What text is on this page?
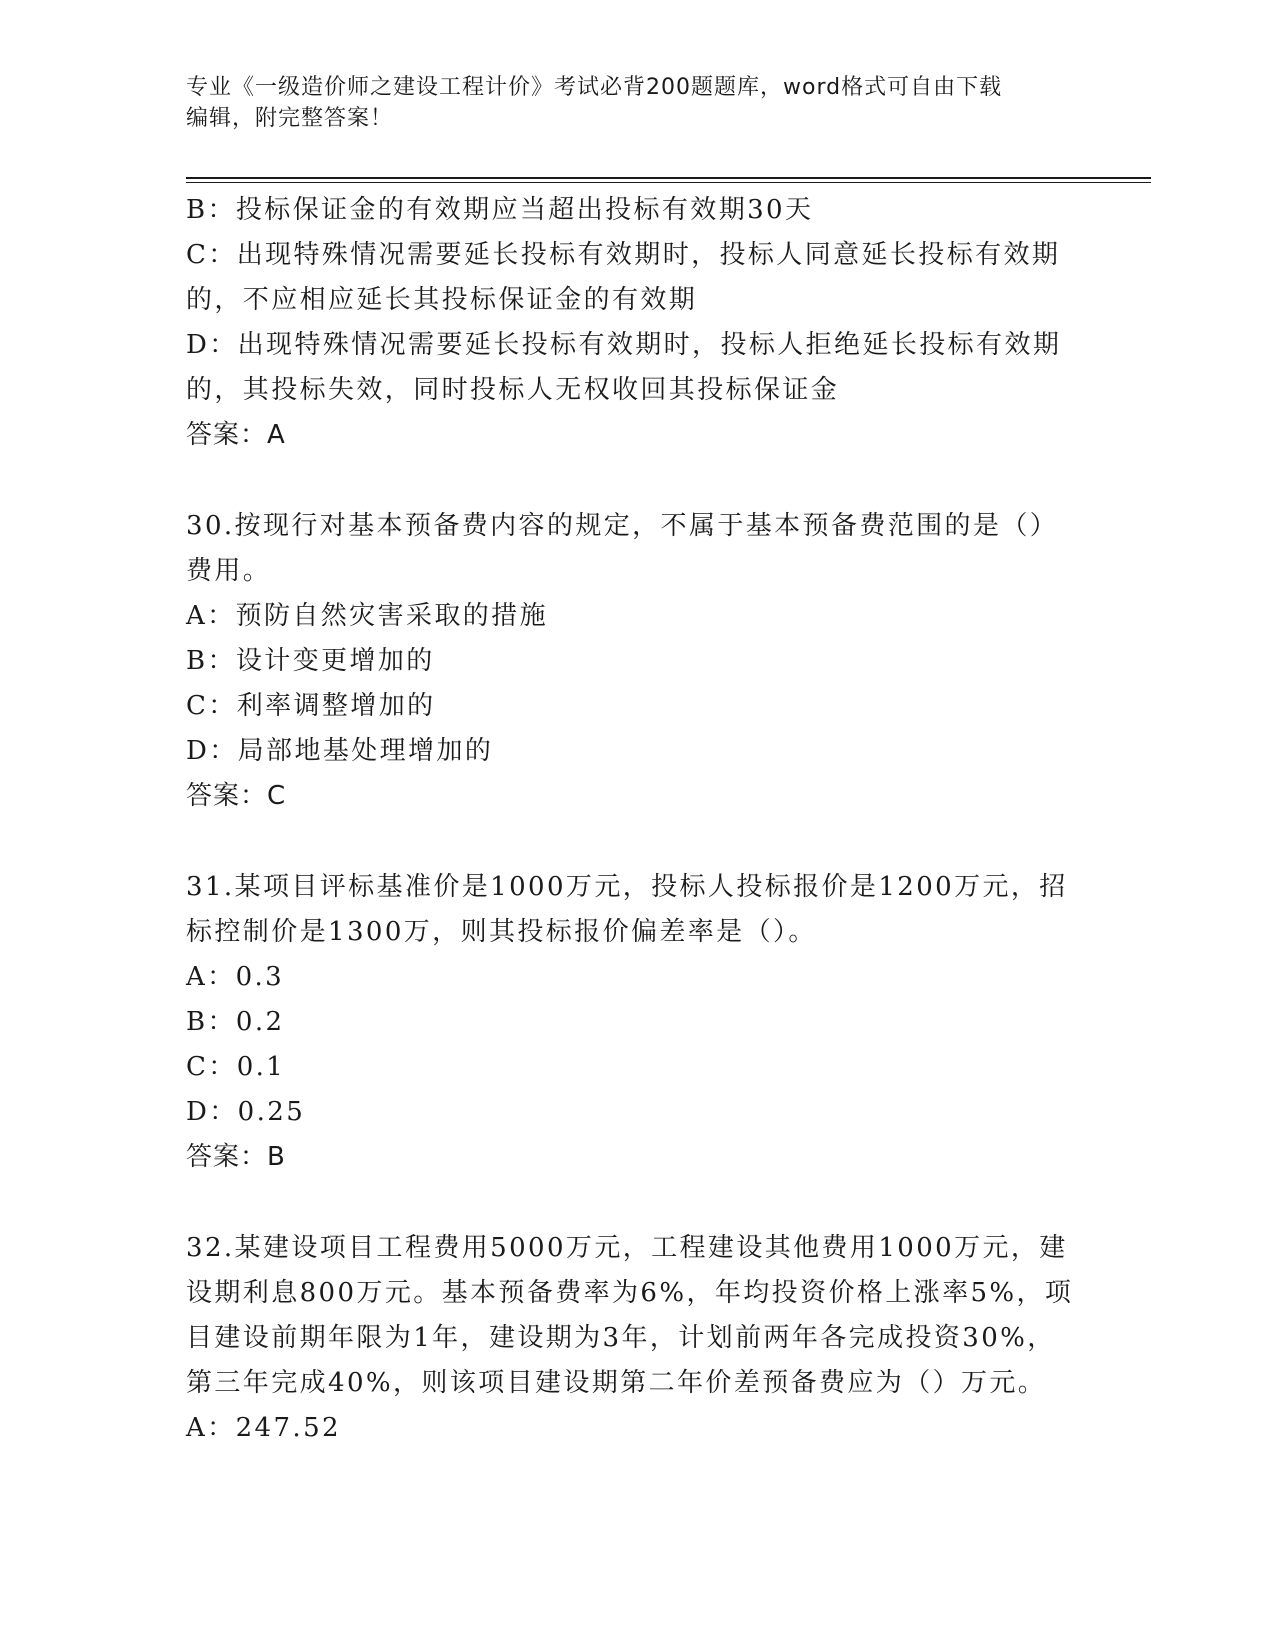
专业《一级造价师之建设工程计价》考试必背200题题库，word格式可自由下载
编辑，附完整答案！
B：投标保证金的有效期应当超出投标有效期30天
C：出现特殊情况需要延长投标有效期时，投标人同意延长投标有效期
的，不应相应延长其投标保证金的有效期
D：出现特殊情况需要延长投标有效期时，投标人拒绝延长投标有效期
的，其投标失效，同时投标人无权收回其投标保证金
答案：A
30.按现行对基本预备费内容的规定，不属于基本预备费范围的是（）
费用。
A：预防自然灾害采取的措施
B：设计变更增加的
C：利率调整增加的
D：局部地基处理增加的
答案：C
31.某项目评标基准价是1000万元，投标人投标报价是1200万元，招
标控制价是1300万，则其投标报价偏差率是（）。
A：0.3
B：0.2
C：0.1
D：0.25
答案：B
32.某建设项目工程费用5000万元，工程建设其他费用1000万元，建
设期利息800万元。基本预备费率为6%，年均投资价格上涨率5%，项
目建设前期年限为1年，建设期为3年，计划前两年各完成投资30%，
第三年完成40%，则该项目建设期第二年价差预备费应为（）万元。
A：247.52
